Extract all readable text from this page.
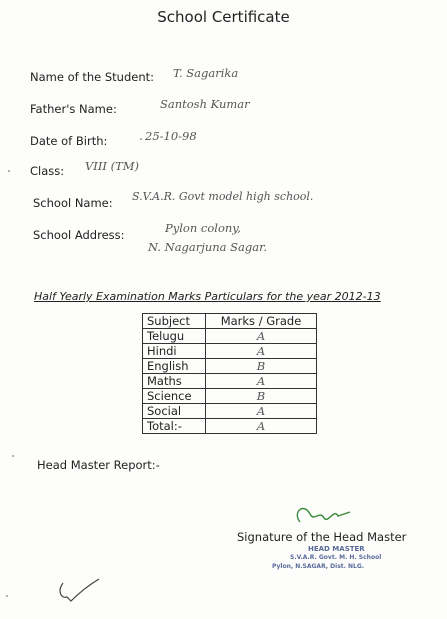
School Certificate
Name of the Student: T. Sagarika
Father's Name:	Santosh Kumar
Date of Birth:	25-10-98
Class: VIII (TM)
School Name: S.V.A.R. Govt model high school.
School Address:	Pylon colony,
N. Nagarjuna Sagar.
Half Yearly Examination Marks Particulars for the year 2012-13
Subject	Marks / Grade
Telugu	A
Hindi	A
English	B
Maths	A
Science	B
Social	A
Total:-	A
Head Master Report:-
Signature of the Head Master
HEAD MASTER
S.V.A.R. Govt. M. H. School
Pylon, N.SAGAR, Dist. NLG.
